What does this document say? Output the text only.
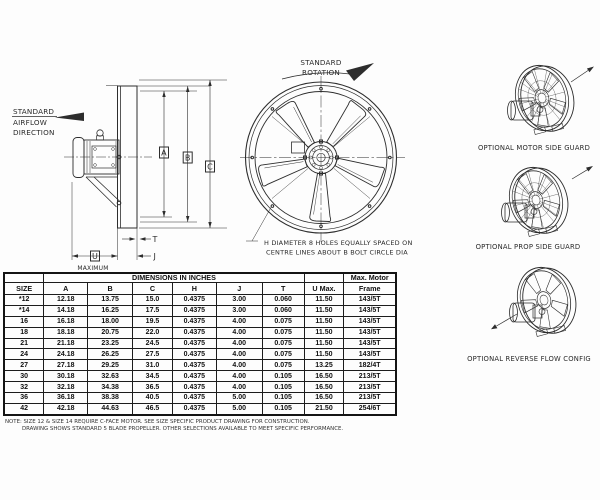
STANDARD
AIRFLOW
DIRECTION
A
B
C
T
U
MAXIMUM
J
STANDARD
ROTATION
H DIAMETER 8 HOLES EQUALLY SPACED ON
CENTRE LINES ABOUT B BOLT CIRCLE DIA
OPTIONAL MOTOR SIDE GUARD
OPTIONAL PROP SIDE GUARD
OPTIONAL REVERSE FLOW CONFIG
	DIMENSIONS IN INCHES							Max. Motor
SIZE	A	B	C	H	J	T	U Max.	Frame
*12	12.18	13.75	15.0	0.4375	3.00	0.060	11.50	143/5T
*14	14.18	16.25	17.5	0.4375	3.00	0.060	11.50	143/5T
16	16.18	18.00	19.5	0.4375	4.00	0.075	11.50	143/5T
18	18.18	20.75	22.0	0.4375	4.00	0.075	11.50	143/5T
21	21.18	23.25	24.5	0.4375	4.00	0.075	11.50	143/5T
24	24.18	26.25	27.5	0.4375	4.00	0.075	11.50	143/5T
27	27.18	29.25	31.0	0.4375	4.00	0.075	13.25	182/4T
30	30.18	32.63	34.5	0.4375	4.00	0.105	16.50	213/5T
32	32.18	34.38	36.5	0.4375	4.00	0.105	16.50	213/5T
36	36.18	38.38	40.5	0.4375	5.00	0.105	16.50	213/5T
42	42.18	44.63	46.5	0.4375	5.00	0.105	21.50	254/6T
NOTE: SIZE 12 & SIZE 14 REQUIRE C-FACE MOTOR. SEE SIZE SPECIFIC PRODUCT DRAWING FOR CONSTRUCTION.
DRAWING SHOWS STANDARD 5 BLADE PROPELLER. OTHER SELECTIONS AVAILABLE TO MEET SPECIFIC PERFORMANCE.
